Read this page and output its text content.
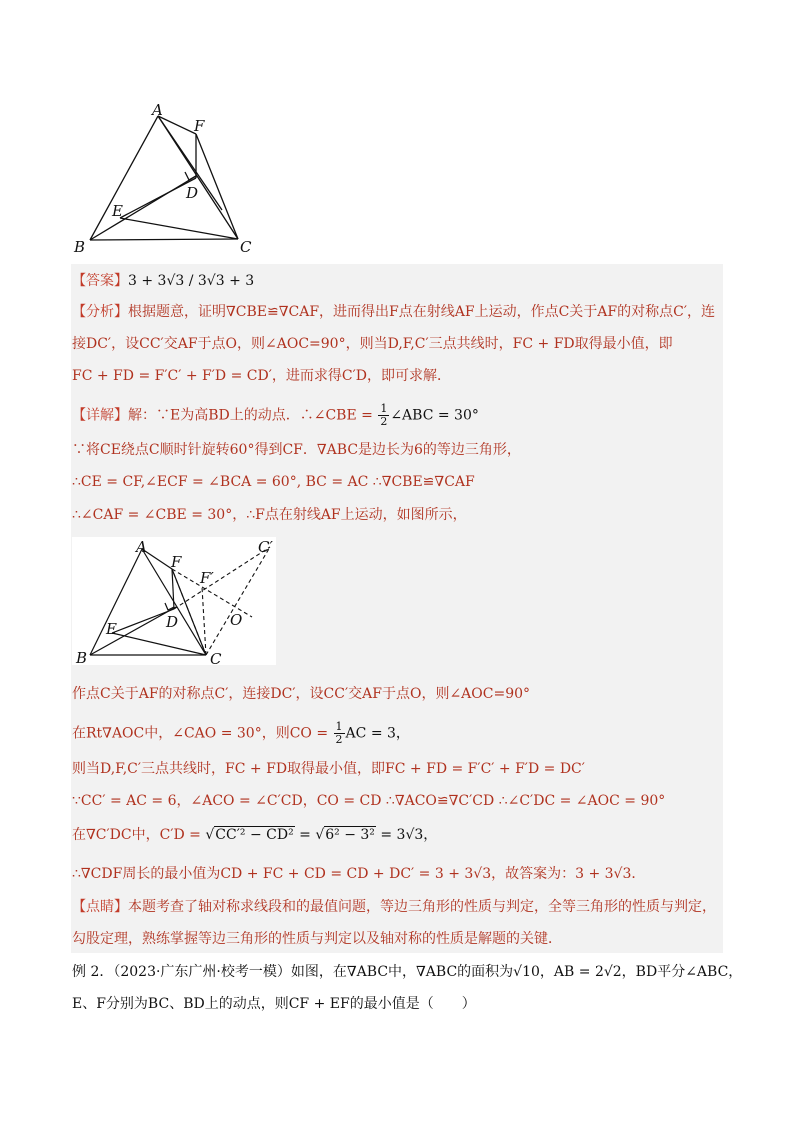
A
F
D
E
B	C
【答案】3 + 3√3 / 3√3 + 3
【分析】根据题意，证明∇CBE≌∇CAF，进而得出F点在射线AF上运动，作点C关于AF的对称点C′，连
接DC′，设CC′交AF于点O，则∠AOC=90°，则当D,F,C′三点共线时，FC + FD取得最小值，即
FC + FD = F′C′ + F′D = CD′，进而求得C′D，即可求解．
【详解】解：∵E为高BD上的动点．∴∠CBE = $\frac{1}{2}$ ∠ABC = 30°
∵将CE绕点C顺时针旋转60°得到CF．∇ABC是边长为6的等边三角形，
∴CE = CF,∠ECF = ∠BCA = 60°, BC = AC ∴∇CBE≌∇CAF
∴∠CAF = ∠CBE = 30°，∴F点在射线AF上运动，如图所示，
A
F
F′
C′
D	O
E
B	C
作点C关于AF的对称点C′，连接DC′，设CC′交AF于点O，则∠AOC=90°
在Rt∇AOC中，∠CAO = 30°，则CO = $\frac{1}{2}$ AC = 3，
则当D,F,C′三点共线时，FC + FD取得最小值，即FC + FD = F′C′ + F′D = DC′
∵CC′ = AC = 6，∠ACO = ∠C′CD，CO = CD ∴∇ACO≌∇C′CD ∴∠C′DC = ∠AOC = 90°
在∇C′DC中，C′D = √CC′² − CD² = √6² − 3² = 3√3，
∴∇CDF周长的最小值为CD + FC + CD = CD + DC′ = 3 + 3√3，故答案为：3 + 3√3．
【点睛】本题考查了轴对称求线段和的最值问题，等边三角形的性质与判定，全等三角形的性质与判定，
勾股定理，熟练掌握等边三角形的性质与判定以及轴对称的性质是解题的关键．
例 2．（2023·广东广州·校考一模）如图，在∇ABC中，∇ABC的面积为√10，AB = 2√2，BD平分∠ABC，
E、F分别为BC、BD上的动点，则CF + EF的最小值是（　　）
